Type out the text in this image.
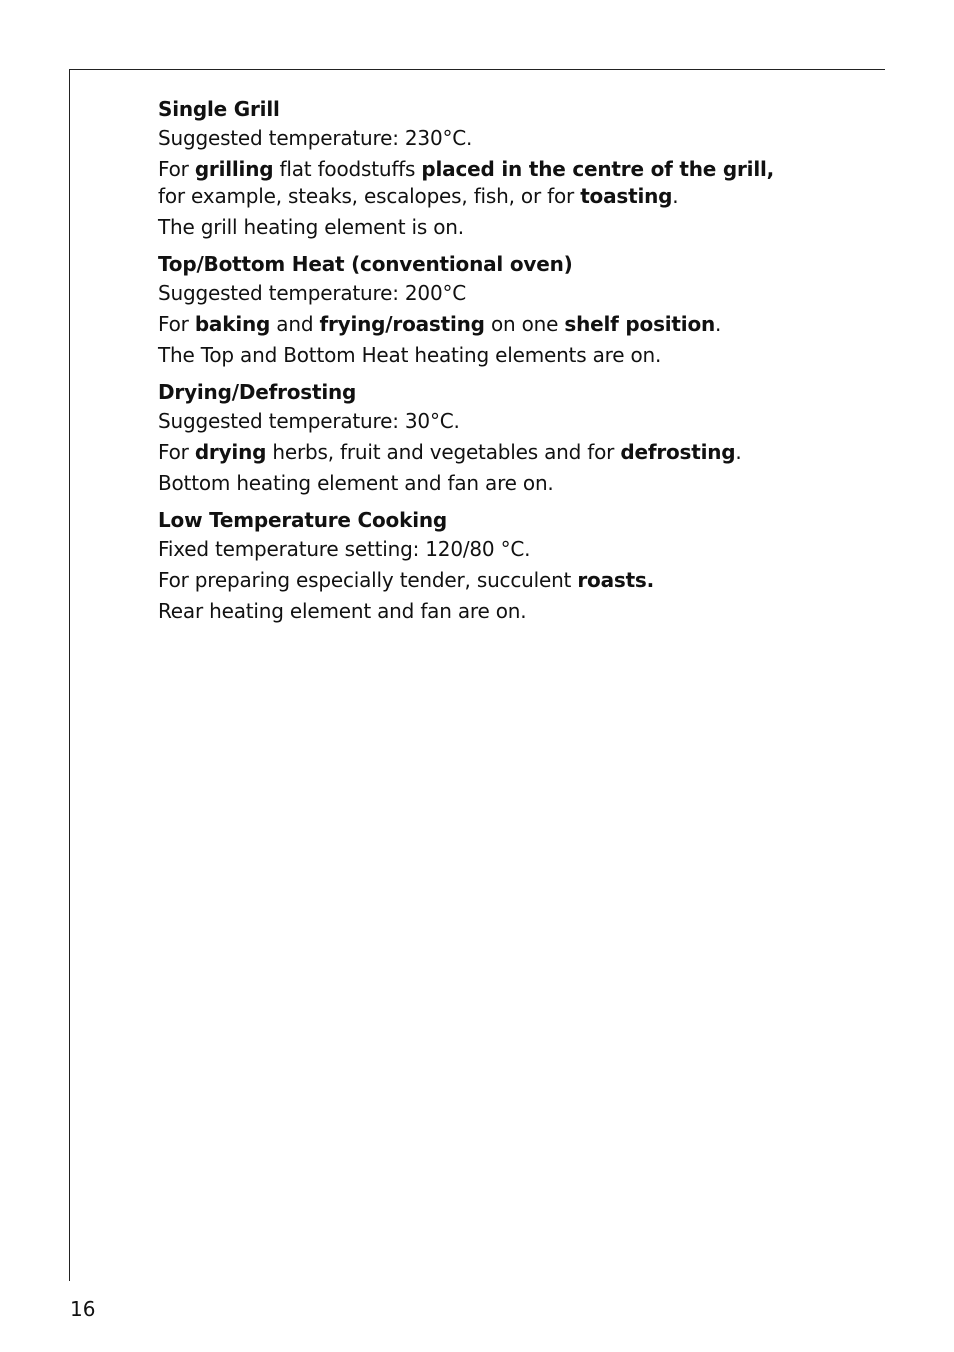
Single Grill
Suggested temperature: 230°C.
For grilling flat foodstuffs placed in the centre of the grill,
for example, steaks, escalopes, fish, or for toasting.
The grill heating element is on.
Top/Bottom Heat (conventional oven)
Suggested temperature: 200°C
For baking and frying/roasting on one shelf position.
The Top and Bottom Heat heating elements are on.
Drying/Defrosting
Suggested temperature: 30°C.
For drying herbs, fruit and vegetables and for defrosting.
Bottom heating element and fan are on.
Low Temperature Cooking
Fixed temperature setting: 120/80 °C.
For preparing especially tender, succulent roasts.
Rear heating element and fan are on.
16
